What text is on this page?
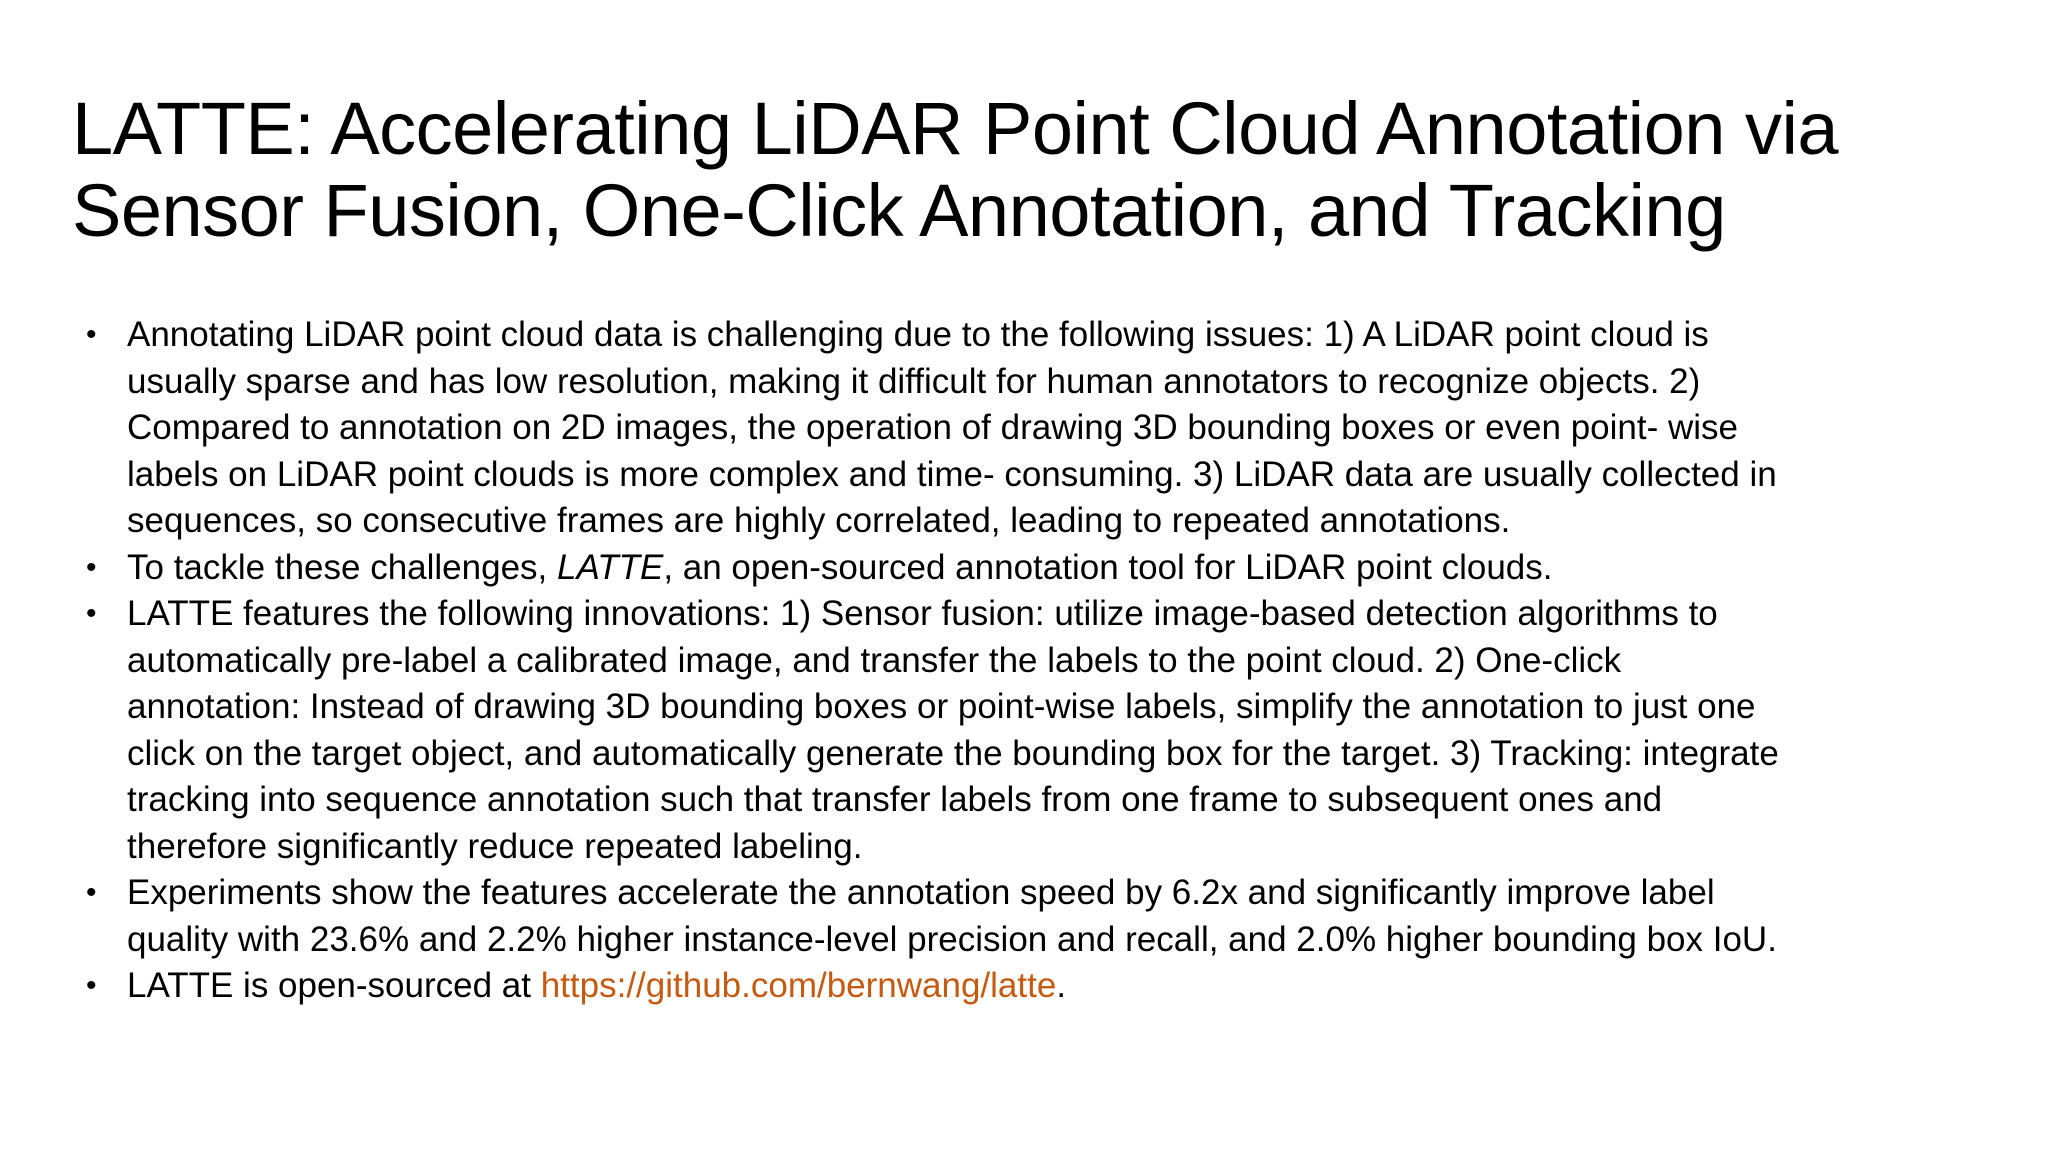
LATTE: Accelerating LiDAR Point Cloud Annotation via
Sensor Fusion, One-Click Annotation, and Tracking
• Annotating LiDAR point cloud data is challenging due to the following issues: 1) A LiDAR point cloud is
usually sparse and has low resolution, making it difficult for human annotators to recognize objects. 2)
Compared to annotation on 2D images, the operation of drawing 3D bounding boxes or even point- wise
labels on LiDAR point clouds is more complex and time- consuming. 3) LiDAR data are usually collected in
sequences, so consecutive frames are highly correlated, leading to repeated annotations.
• To tackle these challenges, LATTE, an open-sourced annotation tool for LiDAR point clouds.
• LATTE features the following innovations: 1) Sensor fusion: utilize image-based detection algorithms to
automatically pre-label a calibrated image, and transfer the labels to the point cloud. 2) One-click
annotation: Instead of drawing 3D bounding boxes or point-wise labels, simplify the annotation to just one
click on the target object, and automatically generate the bounding box for the target. 3) Tracking: integrate
tracking into sequence annotation such that transfer labels from one frame to subsequent ones and
therefore significantly reduce repeated labeling.
• Experiments show the features accelerate the annotation speed by 6.2x and significantly improve label
quality with 23.6% and 2.2% higher instance-level precision and recall, and 2.0% higher bounding box IoU.
• LATTE is open-sourced at https://github.com/bernwang/latte.
